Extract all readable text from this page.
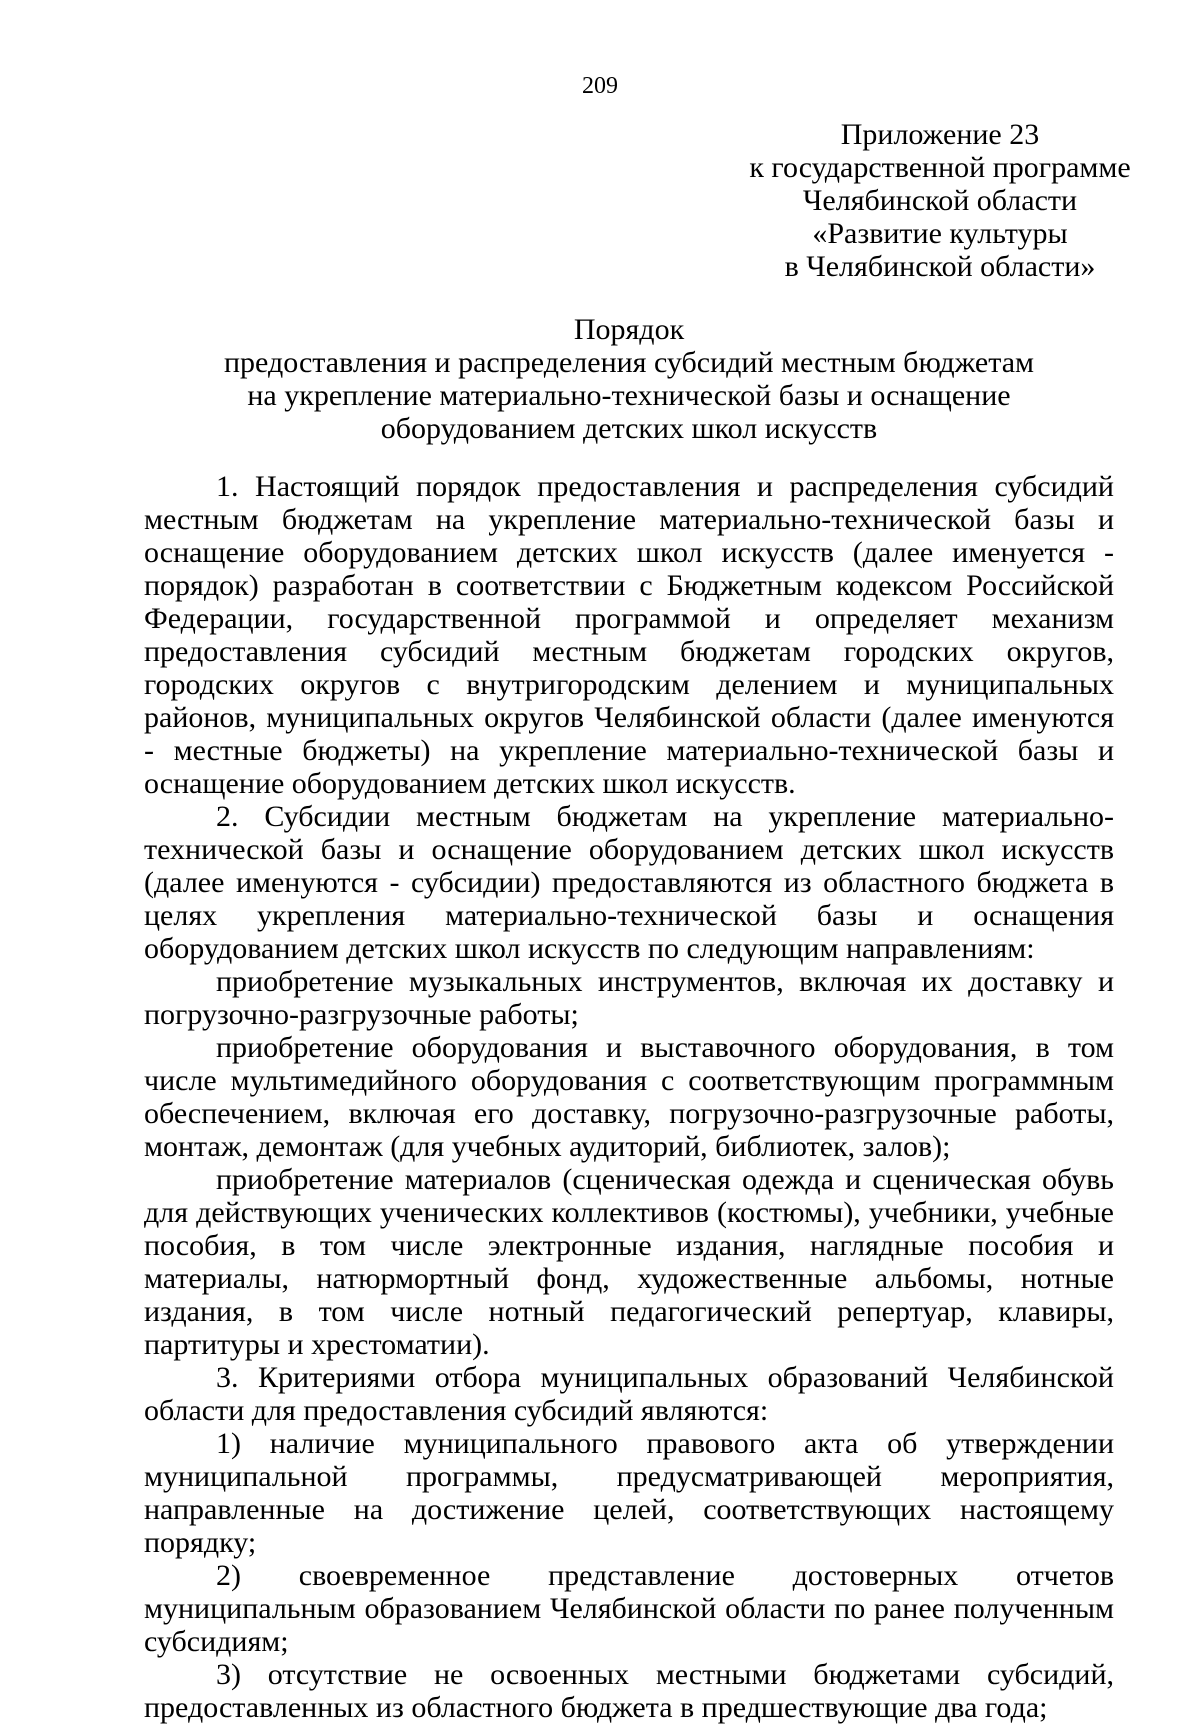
209
Приложение 23
к государственной программе
Челябинской области
«Развитие культуры
в Челябинской области»
Порядок
предоставления и распределения субсидий местным бюджетам
на укрепление материально-технической базы и оснащение
оборудованием детских школ искусств

1. Настоящий порядок предоставления и распределения субсидий местным бюджетам на укрепление материально-технической базы и оснащение оборудованием детских школ искусств (далее именуется - порядок) разработан в соответствии с Бюджетным кодексом Российской Федерации, государственной программой и определяет механизм предоставления субсидий местным бюджетам городских округов, городских округов с внутригородским делением и муниципальных районов, муниципальных округов Челябинской области (далее именуются - местные бюджеты) на укрепление материально-технической базы и оснащение оборудованием детских школ искусств.

2. Субсидии местным бюджетам на укрепление материально-технической базы и оснащение оборудованием детских школ искусств (далее именуются - субсидии) предоставляются из областного бюджета в целях укрепления материально-технической базы и оснащения оборудованием детских школ искусств по следующим направлениям:

приобретение музыкальных инструментов, включая их доставку и погрузочно-разгрузочные работы;

приобретение оборудования и выставочного оборудования, в том числе мультимедийного оборудования с соответствующим программным обеспечением, включая его доставку, погрузочно-разгрузочные работы, монтаж, демонтаж (для учебных аудиторий, библиотек, залов);

приобретение материалов (сценическая одежда и сценическая обувь для действующих ученических коллективов (костюмы), учебники, учебные пособия, в том числе электронные издания, наглядные пособия и материалы, натюрмортный фонд, художественные альбомы, нотные издания, в том числе нотный педагогический репертуар, клавиры, партитуры и хрестоматии).

3. Критериями отбора муниципальных образований Челябинской области для предоставления субсидий являются:

1) наличие муниципального правового акта об утверждении муниципальной программы, предусматривающей мероприятия, направленные на достижение целей, соответствующих настоящему порядку;

2) своевременное представление достоверных отчетов муниципальным образованием Челябинской области по ранее полученным субсидиям;

3) отсутствие не освоенных местными бюджетами субсидий, предоставленных из областного бюджета в предшествующие два года;
